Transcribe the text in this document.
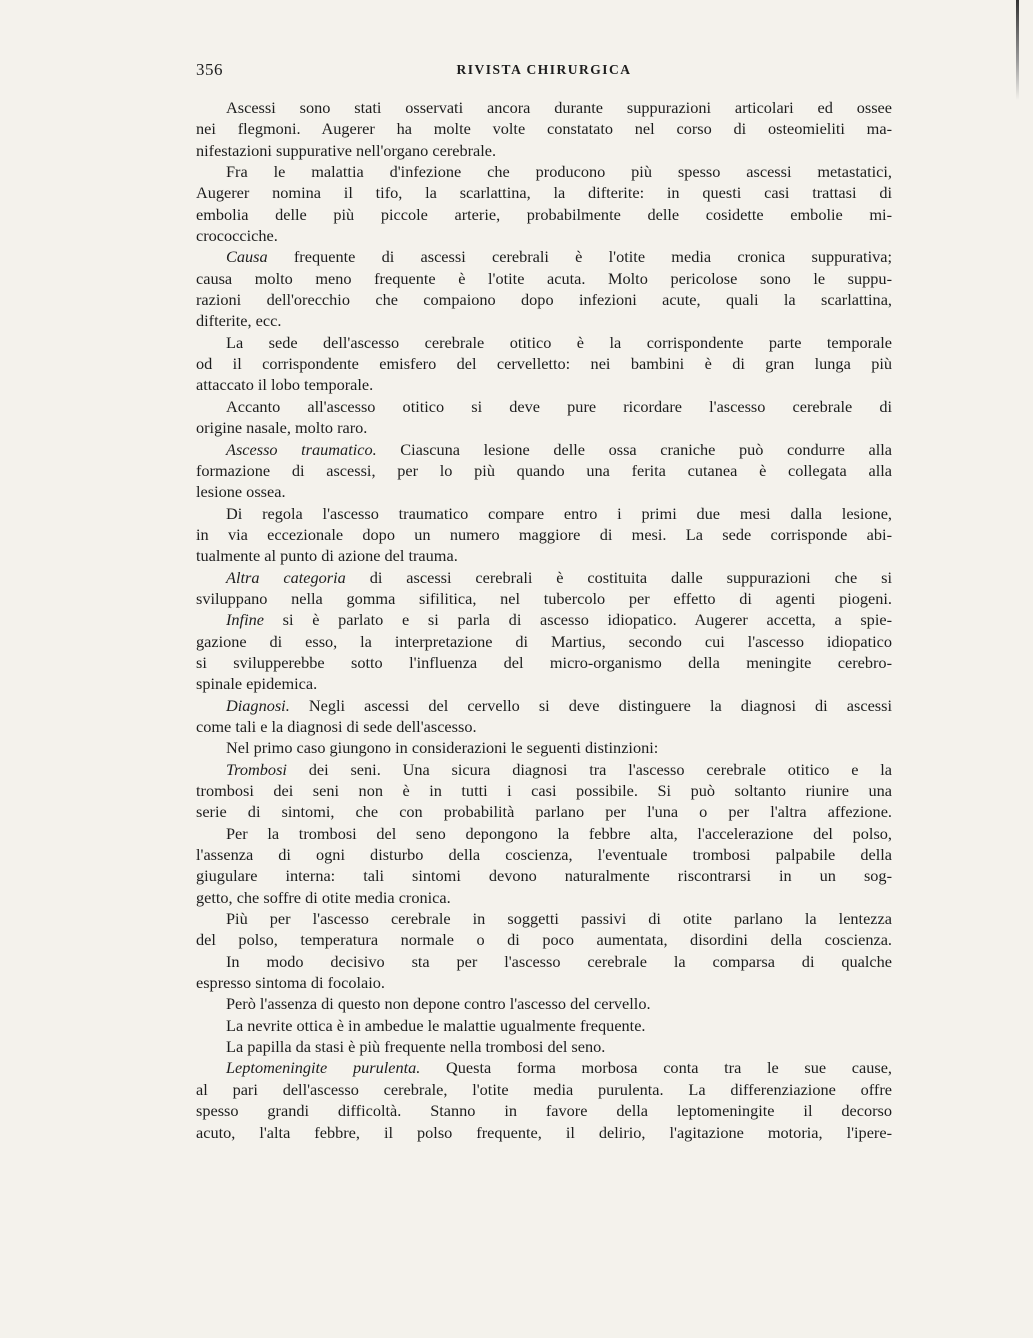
356	RIVISTA CHIRURGICA
Ascessi sono stati osservati ancora durante suppurazioni articolari ed ossee
nei flegmoni. Augerer ha molte volte constatato nel corso di osteomieliti ma-
nifestazioni suppurative nell'organo cerebrale.
Fra le malattia d'infezione che producono più spesso ascessi metastatici,
Augerer nomina il tifo, la scarlattina, la difterite: in questi casi trattasi di
embolia delle più piccole arterie, probabilmente delle cosidette embolie mi-
crococciche.
Causa frequente di ascessi cerebrali è l'otite media cronica suppurativa;
causa molto meno frequente è l'otite acuta. Molto pericolose sono le suppu-
razioni dell'orecchio che compaiono dopo infezioni acute, quali la scarlattina,
difterite, ecc.
La sede dell'ascesso cerebrale otitico è la corrispondente parte temporale
od il corrispondente emisfero del cervelletto: nei bambini è di gran lunga più
attaccato il lobo temporale.
Accanto all'ascesso otitico si deve pure ricordare l'ascesso cerebrale di
origine nasale, molto raro.
Ascesso traumatico. Ciascuna lesione delle ossa craniche può condurre alla
formazione di ascessi, per lo più quando una ferita cutanea è collegata alla
lesione ossea.
Di regola l'ascesso traumatico compare entro i primi due mesi dalla lesione,
in via eccezionale dopo un numero maggiore di mesi. La sede corrisponde abi-
tualmente al punto di azione del trauma.
Altra categoria di ascessi cerebrali è costituita dalle suppurazioni che si
sviluppano nella gomma sifilitica, nel tubercolo per effetto di agenti piogeni.
Infine si è parlato e si parla di ascesso idiopatico. Augerer accetta, a spie-
gazione di esso, la interpretazione di Martius, secondo cui l'ascesso idiopatico
si svilupperebbe sotto l'influenza del micro-organismo della meningite cerebro-
spinale epidemica.
Diagnosi. Negli ascessi del cervello si deve distinguere la diagnosi di ascessi
come tali e la diagnosi di sede dell'ascesso.
Nel primo caso giungono in considerazioni le seguenti distinzioni:
Trombosi dei seni. Una sicura diagnosi tra l'ascesso cerebrale otitico e la
trombosi dei seni non è in tutti i casi possibile. Si può soltanto riunire una
serie di sintomi, che con probabilità parlano per l'una o per l'altra affezione.
Per la trombosi del seno depongono la febbre alta, l'accelerazione del polso,
l'assenza di ogni disturbo della coscienza, l'eventuale trombosi palpabile della
giugulare interna: tali sintomi devono naturalmente riscontrarsi in un sog-
getto, che soffre di otite media cronica.
Più per l'ascesso cerebrale in soggetti passivi di otite parlano la lentezza
del polso, temperatura normale o di poco aumentata, disordini della coscienza.
In modo decisivo sta per l'ascesso cerebrale la comparsa di qualche
espresso sintoma di focolaio.
Però l'assenza di questo non depone contro l'ascesso del cervello.
La nevrite ottica è in ambedue le malattie ugualmente frequente.
La papilla da stasi è più frequente nella trombosi del seno.
Leptomeningite purulenta. Questa forma morbosa conta tra le sue cause,
al pari dell'ascesso cerebrale, l'otite media purulenta. La differenziazione offre
spesso grandi difficoltà. Stanno in favore della leptomeningite il decorso
acuto, l'alta febbre, il polso frequente, il delirio, l'agitazione motoria, l'ipere-
